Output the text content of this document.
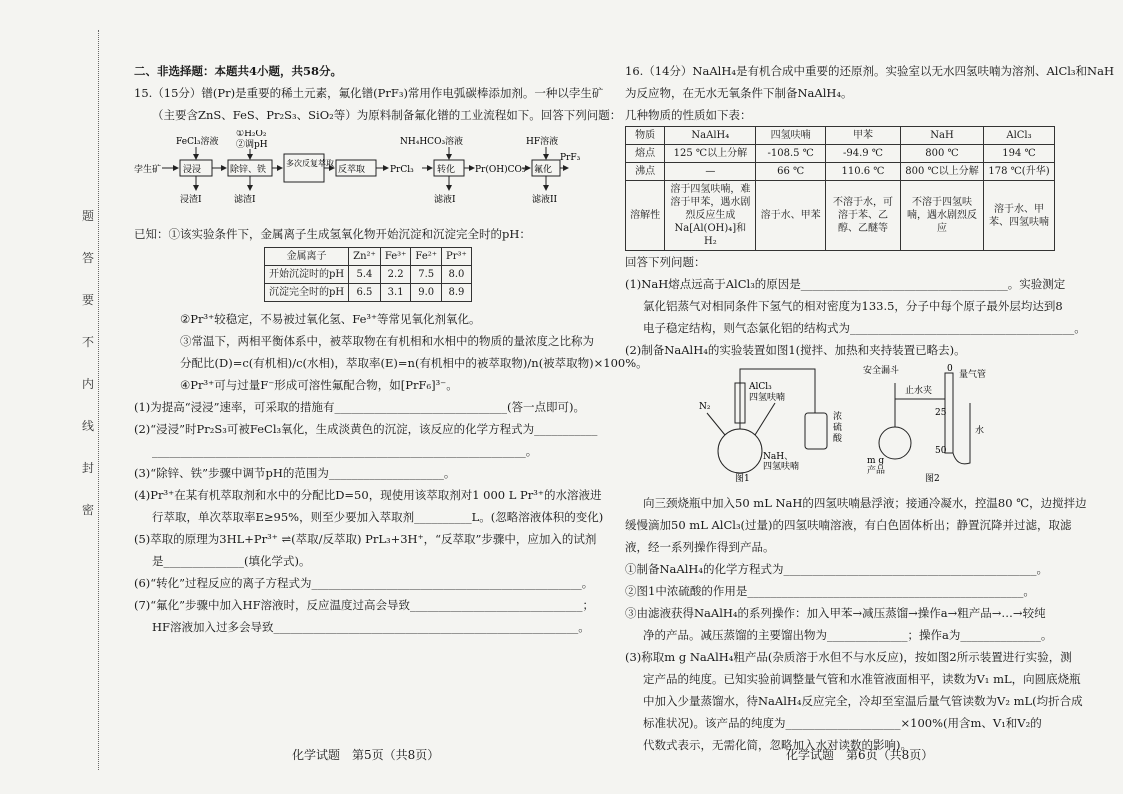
题
答
要
不
内
线
封
密

二、非选择题：本题共4小题，共58分。

15.（15分）镨(Pr)是重要的稀土元素，氟化镨(PrF₃)常用作电弧碳棒添加剂。一种以孛生矿

（主要含ZnS、FeS、Pr₂S₃、SiO₂等）为原料制备氟化镨的工业流程如下。回答下列问题：

孛生矿 浸浸
FeCl₃溶液
浸渣I
除锌、铁
①H₂O₂
②调pH
滤渣I
多次反复萃取
反萃取	PrCl₃	转化
NH₄HCO₃溶液
滤液I
Pr(OH)CO₃ 氟化
HF溶液
滤液II
PrF₃

已知：①该实验条件下，金属离子生成氢氧化物开始沉淀和沉淀完全时的pH：

金属离子	Zn²⁺	Fe³⁺	Fe²⁺	Pr³⁺
开始沉淀时的pH	5.4	2.2	7.5	8.0
沉淀完全时的pH	6.5	3.1	9.0	8.9

②Pr³⁺较稳定，不易被过氧化氢、Fe³⁺等常见氧化剂氧化。

③常温下，两相平衡体系中，被萃取物在有机相和水相中的物质的量浓度之比称为

分配比(D)=c(有机相)/c(水相)，萃取率(E)=n(有机相中的被萃取物)/n(被萃取物)×100%。

④Pr³⁺可与过量F⁻形成可溶性氟配合物，如[PrF₆]³⁻。

(1)为提高“浸浸”速率，可采取的措施有______________________________(答一点即可)。

(2)“浸浸”时Pr₂S₃可被FeCl₃氧化，生成淡黄色的沉淀，该反应的化学方程式为___________

_________________________________________________________________。

(3)“除锌、铁”步骤中调节pH的范围为____________________。

(4)Pr³⁺在某有机萃取剂和水中的分配比D=50，现使用该萃取剂对1 000 L Pr³⁺的水溶液进

行萃取，单次萃取率E≥95%，则至少要加入萃取剂__________L。(忽略溶液体积的变化)

(5)萃取的原理为3HL+Pr³⁺ ⇌(萃取/反萃取) PrL₃+3H⁺，“反萃取”步骤中，应加入的试剂

是______________(填化学式)。

(6)“转化”过程反应的离子方程式为_______________________________________________。

(7)“氟化”步骤中加入HF溶液时，反应温度过高会导致______________________________；

HF溶液加入过多会导致_____________________________________________________。

化学试题　第5页（共8页）

16.（14分）NaAlH₄是有机合成中重要的还原剂。实验室以无水四氢呋喃为溶剂、AlCl₃和NaH

为反应物，在无水无氧条件下制备NaAlH₄。

几种物质的性质如下表：

物质	NaAlH₄	四氢呋喃	甲苯	NaH	AlCl₃
熔点	125 ℃以上分解	-108.5 ℃	-94.9 ℃	800 ℃	194 ℃
沸点	—	66 ℃	110.6 ℃	800 ℃以上分解	178 ℃(升华)
溶解性	溶于四氢呋喃，难溶于甲苯，遇水剧烈反应生成Na[Al(OH)₄]和H₂	溶于水、甲苯	不溶于水，可溶于苯、乙醇、乙醚等	不溶于四氢呋喃，遇水剧烈反应	溶于水、甲苯、四氢呋喃

回答下列问题：

(1)NaH熔点远高于AlCl₃的原因是____________________________________。实验测定

氯化铝蒸气对相同条件下氢气的相对密度为133.5，分子中每个原子最外层均达到8

电子稳定结构，则气态氯化铝的结构式为_______________________________________。

(2)制备NaAlH₄的实验装置如图1(搅拌、加热和夹持装置已略去)。

AlCl₃
四氢呋喃
N₂
NaH、
四氢呋喃
浓
硫
酸
图1
安全漏斗
止水夹
量气管
0
25
50
水
m g
产品
图2

向三颈烧瓶中加入50 mL NaH的四氢呋喃悬浮液；接通冷凝水，控温80 ℃，边搅拌边

缓慢滴加50 mL AlCl₃(过量)的四氢呋喃溶液，有白色固体析出；静置沉降并过滤，取滤

液，经一系列操作得到产品。

①制备NaAlH₄的化学方程式为____________________________________________。

②图1中浓硫酸的作用是________________________________________________。

③由滤液获得NaAlH₄的系列操作：加入甲苯→减压蒸馏→操作a→粗产品→…→较纯

净的产品。减压蒸馏的主要馏出物为______________；操作a为______________。

(3)称取m g NaAlH₄粗产品(杂质溶于水但不与水反应)，按如图2所示装置进行实验，测

定产品的纯度。已知实验前调整量气管和水准管液面相平，读数为V₁ mL，向圆底烧瓶

中加入少量蒸馏水，待NaAlH₄反应完全，冷却至室温后量气管读数为V₂ mL(均折合成

标准状况)。该产品的纯度为____________________×100%(用含m、V₁和V₂的

代数式表示，无需化简，忽略加入水对读数的影响)。

化学试题　第6页（共8页）
